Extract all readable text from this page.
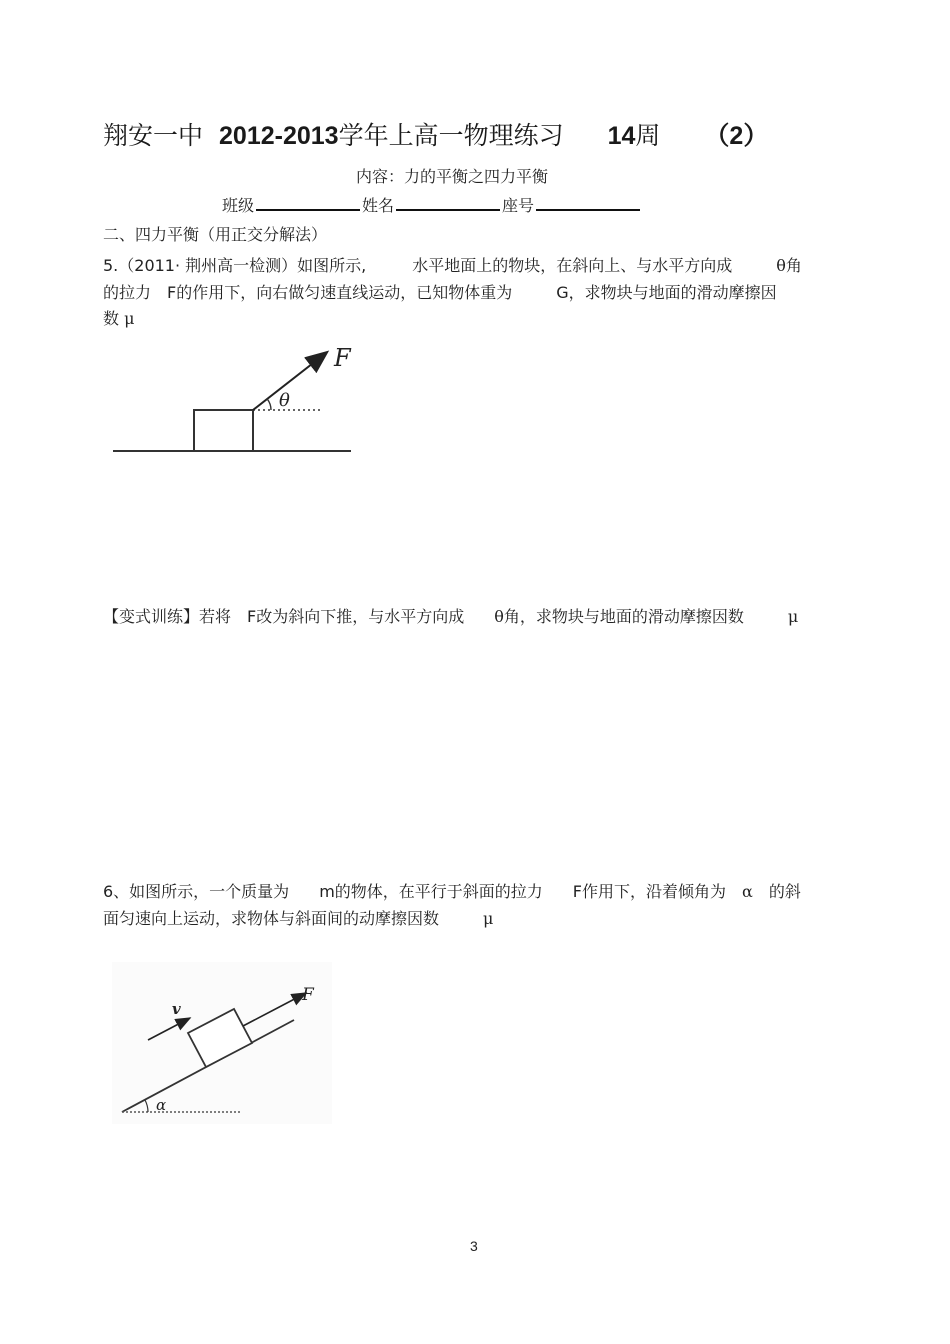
翔安一中 2012-2013学年上高一物理练习 14周 （2）
内容：力的平衡之四力平衡
班级	姓名	座号
二、四力平衡（用正交分解法）
5.（2011· 荆州高一检测）如图所示,	水平地面上的物块，在斜向上、与水平方向成	θ角
的拉力 F的作用下，向右做匀速直线运动，已知物体重为	G，求物块与地面的滑动摩擦因
数 μ
F
θ
【变式训练】若将 F改为斜向下推，与水平方向成 θ角，求物块与地面的滑动摩擦因数	μ
6、如图所示，一个质量为 m的物体，在平行于斜面的拉力 F作用下，沿着倾角为 α 的斜
面匀速向上运动，求物体与斜面间的动摩擦因数	μ
F
v
α
3
